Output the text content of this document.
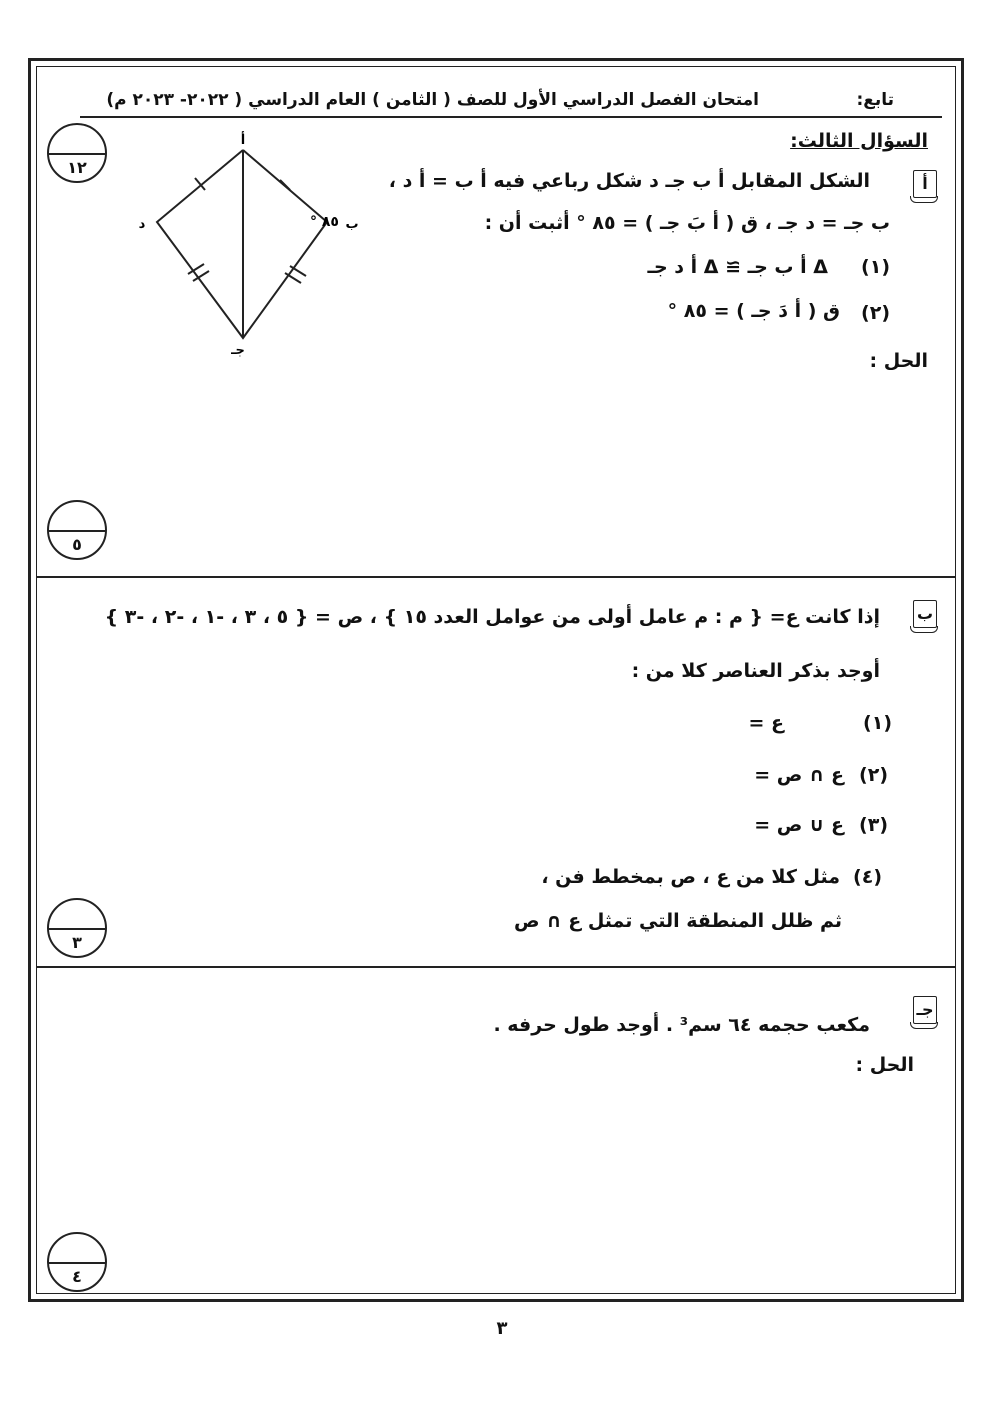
تابع:
امتحان الفصل الدراسي الأول للصف ( الثامن ) العام الدراسي ( ٢٠٢٢- ٢٠٢٣ م)
١٢
السؤال الثالث:
أ
الشكل المقابل أ ب جـ د شكل رباعي فيه أ ب = أ د ،
ب جـ = د جـ ، ق ( أ بَ جـ ) = ٨٥ ° أثبت أن :
(١)
Δ أ ب جـ ≅ Δ أ د جـ
(٢)
ق ( أ دَ جـ ) = ٨٥ °
الحل :
أ
د	ب
جـ
٨٥ °
٥
ب
إذا كانت ع= { م : م عامل أولى من عوامل العدد ١٥ } ، ص = { ٥ ، ٣ ، -١ ، -٢ ، -٣ }
أوجد بذكر العناصر كلا من :
(١)
ع =
(٢)
ع ∩ ص =
(٣)
ع ∪ ص =
(٤)
مثل كلا من ع ، ص بمخطط فن ،
ثم ظلل المنطقة التي تمثل ع ∩ ص
٣
جـ
مكعب حجمه ٦٤ سم³ . أوجد طول حرفه .
الحل :
٤
٣
